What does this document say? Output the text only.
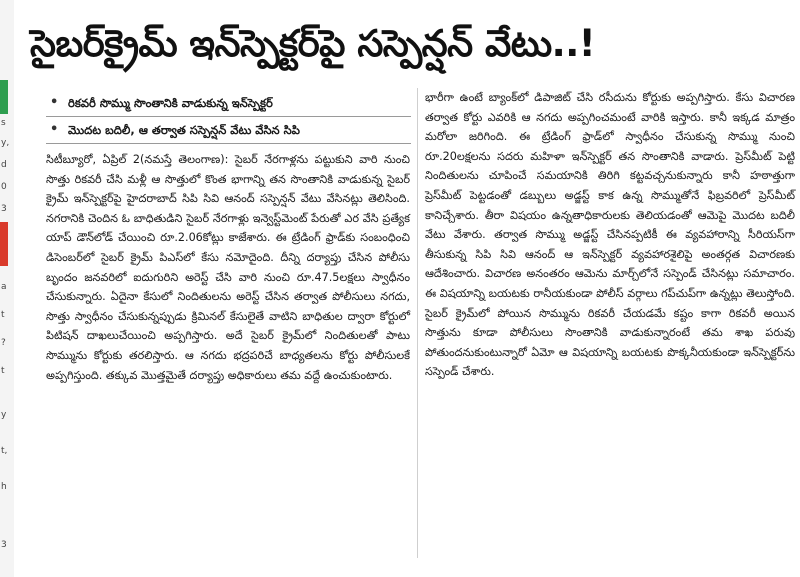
s
y,
d
0
3
a
t
?
t
y
t,
h
3
సైబర్‌క్రైమ్ ఇన్‌స్పెక్టర్‌పై సస్పెన్షన్ వేటు..!
• రికవరీ సొమ్ము సొంతానికి వాడుకున్న ఇన్‌స్పెక్టర్
• మొదట బదిలీ, ఆ తర్వాత సస్పెన్షన్ వేటు వేసిన సిపి

సిటీబ్యూరో, ఏప్రిల్ 2(నమస్తే తెలంగాణ): సైబర్ నేరగాళ్లను పట్టుకుని వారి నుంచి సొత్తు రికవరీ చేసి మళ్లీ ఆ సొత్తులో కొంత భాగాన్ని తన సొంతానికి వాడుకున్న సైబర్ క్రైమ్ ఇన్‌స్పెక్టర్‌పై హైదరాబాద్ సిపి సివి ఆనంద్ సస్పెన్షన్ వేటు వేసినట్లు తెలిసింది. నగరానికి చెందిన ఓ బాధితుడిని సైబర్ నేరగాళ్లు ఇన్వెస్ట్‌మెంట్ పేరుతో ఎర వేసి ప్రత్యేక యాప్ డౌన్‌లోడ్ చేయించి రూ.2.06కోట్లు కాజేశారు. ఈ ట్రేడింగ్ ఫ్రాడ్‌కు సంబంధించి డిసెంబర్‌లో సైబర్ క్రైమ్ పిఎస్‌లో కేసు నమోదైంది. దీన్ని దర్యాప్తు చేసిన పోలీసు బృందం జనవరిలో ఐదుగురిని అరెస్ట్ చేసి వారి నుంచి రూ.47.5లక్షలు స్వాధీనం చేసుకున్నారు. ఏదైనా కేసులో నిందితులను అరెస్ట్ చేసిన తర్వాత పోలీసులు నగదు, సొత్తు స్వాధీనం చేసుకున్నప్పుడు క్రిమినల్ కేసులైతే వాటిని బాధితుల ద్వారా కోర్టులో పిటిషన్ దాఖలుచేయించి అప్పగిస్తారు. అదే సైబర్ క్రైమ్‌లో నిందితులతో పాటు సొమ్మును కోర్టుకు తరలిస్తారు. ఆ నగదు భద్రపరిచే బాధ్యతలను కోర్టు పోలీసులకే అప్పగిస్తుంది. తక్కువ మొత్తమైతే దర్యాప్తు అధికారులు తమ వద్దే ఉంచుకుంటారు.

భారీగా ఉంటే బ్యాంక్‌లో డిపాజిట్ చేసి రసీదును కోర్టుకు అప్పగిస్తారు. కేసు విచారణ తర్వాత కోర్టు ఎవరికి ఆ నగదు అప్పగించమంటే వారికి ఇస్తారు. కానీ ఇక్కడ మాత్రం మరోలా జరిగింది. ఈ ట్రేడింగ్ ఫ్రాడ్‌లో స్వాధీనం చేసుకున్న సొమ్ము నుంచి రూ.20లక్షలను సదరు మహిళా ఇన్‌స్పెక్టర్ తన సొంతానికి వాడారు. ప్రెస్‌మీట్ పెట్టి నిందితులను చూపించే సమయానికి తిరిగి కట్టవచ్చనుకున్నారు కానీ హఠాత్తుగా ప్రెస్‌మీట్ పెట్టడంతో డబ్బులు అడ్జస్ట్ కాక ఉన్న సొమ్ముతోనే ఫిబ్రవరిలో ప్రెస్‌మీట్ కానిచ్చేశారు. తీరా విషయం ఉన్నతాధికారులకు తెలియడంతో ఆమెపై మొదట బదిలీ వేటు వేశారు. తర్వాత సొమ్ము అడ్జస్ట్ చేసినప్పటికీ ఈ వ్యవహారాన్ని సీరియస్‌గా తీసుకున్న సిపి సివి ఆనంద్ ఆ ఇన్‌స్పెక్టర్ వ్యవహారశైలిపై అంతర్గత విచారణకు ఆదేశించారు. విచారణ అనంతరం ఆమెను మార్చ్‌లోనే సస్పెండ్ చేసినట్లు సమాచారం. ఈ విషయాన్ని బయటకు రానీయకుండా పోలీస్ వర్గాలు గప్‌చుప్‌గా ఉన్నట్లు తెలుస్తోంది. సైబర్ క్రైమ్‌లో పోయిన సొమ్మును రికవరీ చేయడమే కష్టం కాగా రికవరీ అయిన సొత్తును కూడా పోలీసులు సొంతానికి వాడుకున్నారంటే తమ శాఖ పరువు పోతుందనుకుంటున్నారో ఏమో ఆ విషయాన్ని బయటకు పొక్కనీయకుండా ఇన్‌స్పెక్టర్‌ను సస్పెండ్ చేశారు.
